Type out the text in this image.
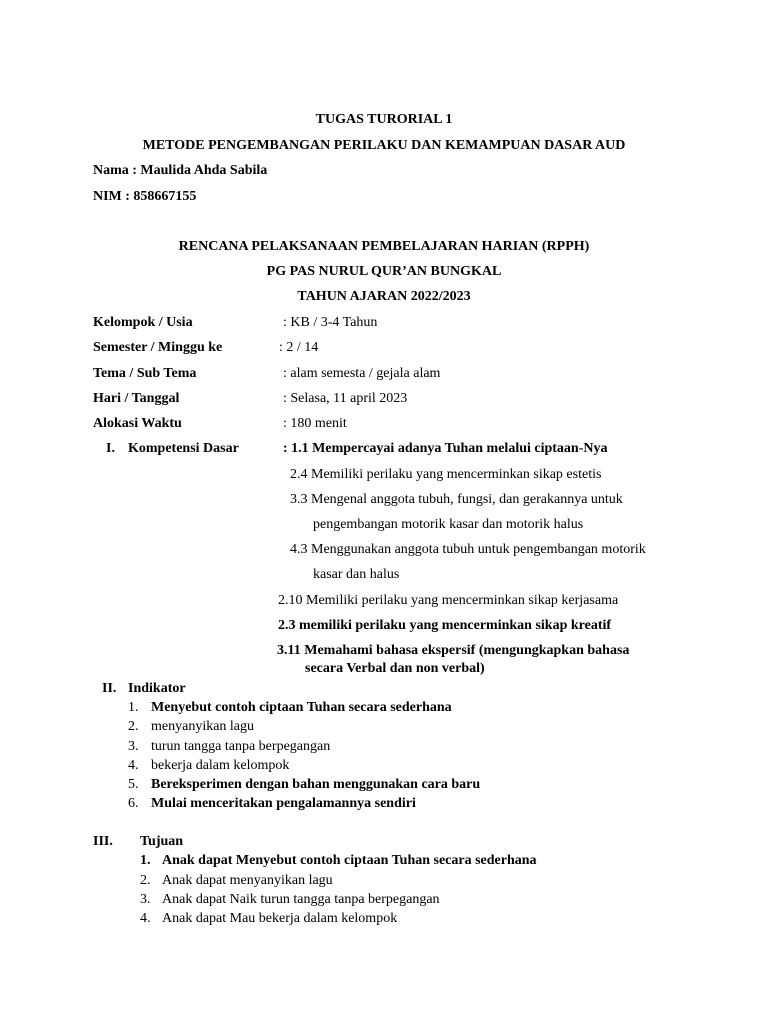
TUGAS TURORIAL 1
METODE PENGEMBANGAN PERILAKU DAN KEMAMPUAN DASAR AUD
Nama : Maulida Ahda Sabila
NIM : 858667155
RENCANA PELAKSANAAN PEMBELAJARAN HARIAN (RPPH)
PG PAS NURUL QUR’AN BUNGKAL
TAHUN AJARAN 2022/2023
Kelompok / Usia	: KB / 3-4 Tahun
Semester / Minggu ke	: 2 / 14
Tema / Sub Tema	: alam semesta / gejala alam
Hari / Tanggal	: Selasa, 11 april 2023
Alokasi Waktu	: 180 menit
I. Kompetensi Dasar	: 1.1 Mempercayai adanya Tuhan melalui ciptaan-Nya
2.4 Memiliki perilaku yang mencerminkan sikap estetis
3.3 Mengenal anggota tubuh, fungsi, dan gerakannya untuk
pengembangan motorik kasar dan motorik halus
4.3 Menggunakan anggota tubuh untuk pengembangan motorik
kasar dan halus
2.10 Memiliki perilaku yang mencerminkan sikap kerjasama
2.3 memiliki perilaku yang mencerminkan sikap kreatif
3.11 Memahami bahasa ekspersif (mengungkapkan bahasa
secara Verbal dan non verbal)
II. Indikator
1. Menyebut contoh ciptaan Tuhan secara sederhana
2. menyanyikan lagu
3. turun tangga tanpa berpegangan
4. bekerja dalam kelompok
5. Bereksperimen dengan bahan menggunakan cara baru
6. Mulai menceritakan pengalamannya sendiri
III. Tujuan
1. Anak dapat Menyebut contoh ciptaan Tuhan secara sederhana
2. Anak dapat menyanyikan lagu
3. Anak dapat Naik turun tangga tanpa berpegangan
4. Anak dapat Mau bekerja dalam kelompok
